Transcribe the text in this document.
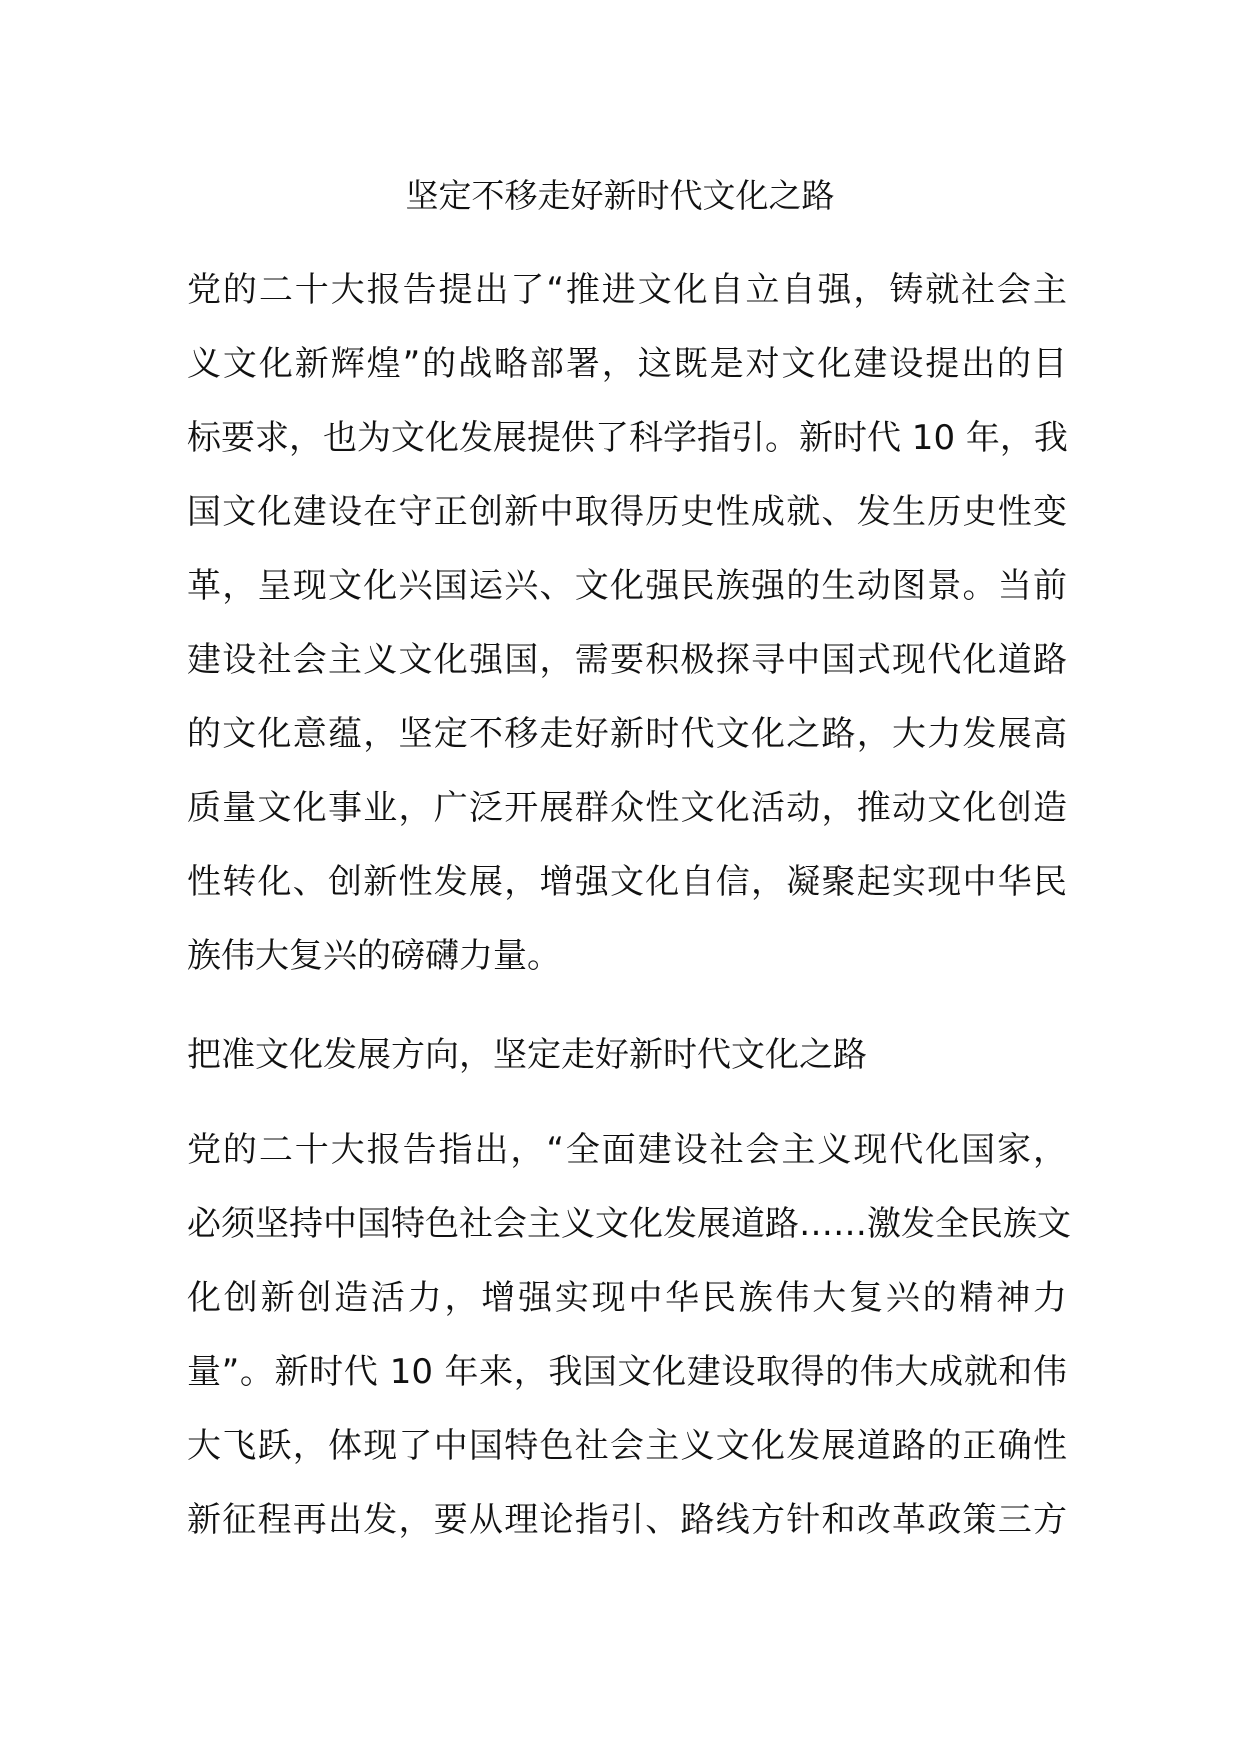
坚定不移走好新时代文化之路
党的二十大报告提出了“推进文化自立自强，铸就社会主
义文化新辉煌”的战略部署，这既是对文化建设提出的目
标要求，也为文化发展提供了科学指引。新时代 10 年，我
国文化建设在守正创新中取得历史性成就、发生历史性变
革，呈现文化兴国运兴、文化强民族强的生动图景。当前
建设社会主义文化强国，需要积极探寻中国式现代化道路
的文化意蕴，坚定不移走好新时代文化之路，大力发展高
质量文化事业，广泛开展群众性文化活动，推动文化创造
性转化、创新性发展，增强文化自信，凝聚起实现中华民
族伟大复兴的磅礴力量。
把准文化发展方向，坚定走好新时代文化之路
党的二十大报告指出，“全面建设社会主义现代化国家，
必须坚持中国特色社会主义文化发展道路……激发全民族文
化创新创造活力，增强实现中华民族伟大复兴的精神力
量”。新时代 10 年来，我国文化建设取得的伟大成就和伟
大飞跃，体现了中国特色社会主义文化发展道路的正确性
新征程再出发，要从理论指引、路线方针和改革政策三方
